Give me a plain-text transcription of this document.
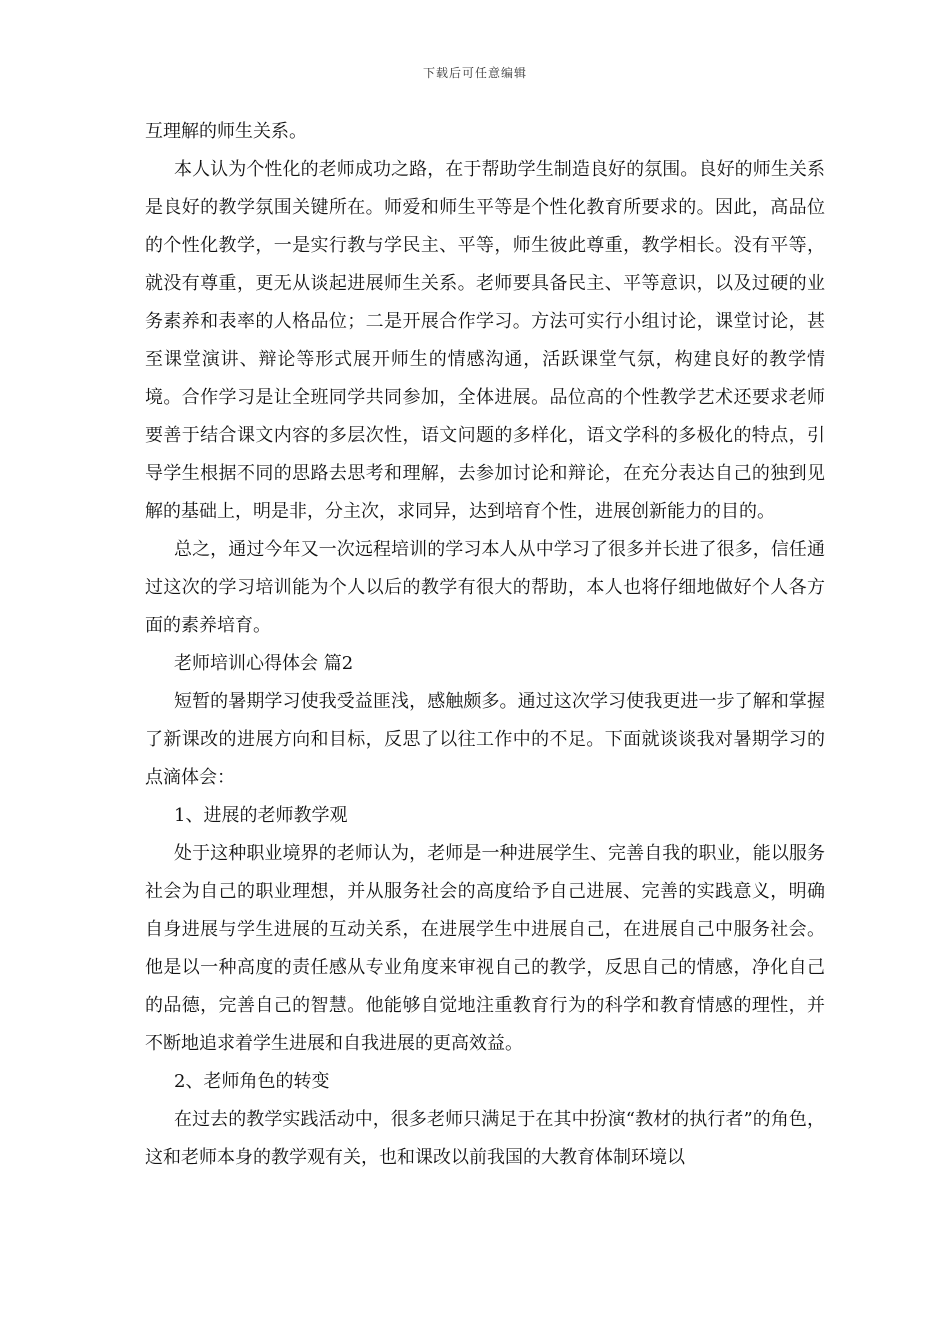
下载后可任意编辑

互理解的师生关系。

本人认为个性化的老师成功之路，在于帮助学生制造良好的氛围。良好的师生关系是良好的教学氛围关键所在。师爱和师生平等是个性化教育所要求的。因此，高品位的个性化教学，一是实行教与学民主、平等，师生彼此尊重，教学相长。没有平等，就没有尊重，更无从谈起进展师生关系。老师要具备民主、平等意识，以及过硬的业务素养和表率的人格品位；二是开展合作学习。方法可实行小组讨论，课堂讨论，甚至课堂演讲、辩论等形式展开师生的情感沟通，活跃课堂气氛，构建良好的教学情境。合作学习是让全班同学共同参加，全体进展。品位高的个性教学艺术还要求老师要善于结合课文内容的多层次性，语文问题的多样化，语文学科的多极化的特点，引导学生根据不同的思路去思考和理解，去参加讨论和辩论，在充分表达自己的独到见解的基础上，明是非，分主次，求同异，达到培育个性，进展创新能力的目的。

总之，通过今年又一次远程培训的学习本人从中学习了很多并长进了很多，信任通过这次的学习培训能为个人以后的教学有很大的帮助，本人也将仔细地做好个人各方面的素养培育。

老师培训心得体会 篇2

短暂的暑期学习使我受益匪浅，感触颇多。通过这次学习使我更进一步了解和掌握了新课改的进展方向和目标，反思了以往工作中的不足。下面就谈谈我对暑期学习的点滴体会：

1、进展的老师教学观

处于这种职业境界的老师认为，老师是一种进展学生、完善自我的职业，能以服务社会为自己的职业理想，并从服务社会的高度给予自己进展、完善的实践意义，明确自身进展与学生进展的互动关系，在进展学生中进展自己，在进展自己中服务社会。他是以一种高度的责任感从专业角度来审视自己的教学，反思自己的情感，净化自己的品德，完善自己的智慧。他能够自觉地注重教育行为的科学和教育情感的理性，并不断地追求着学生进展和自我进展的更高效益。

2、老师角色的转变

在过去的教学实践活动中，很多老师只满足于在其中扮演“教材的执行者”的角色，这和老师本身的教学观有关，也和课改以前我国的大教育体制环境以
